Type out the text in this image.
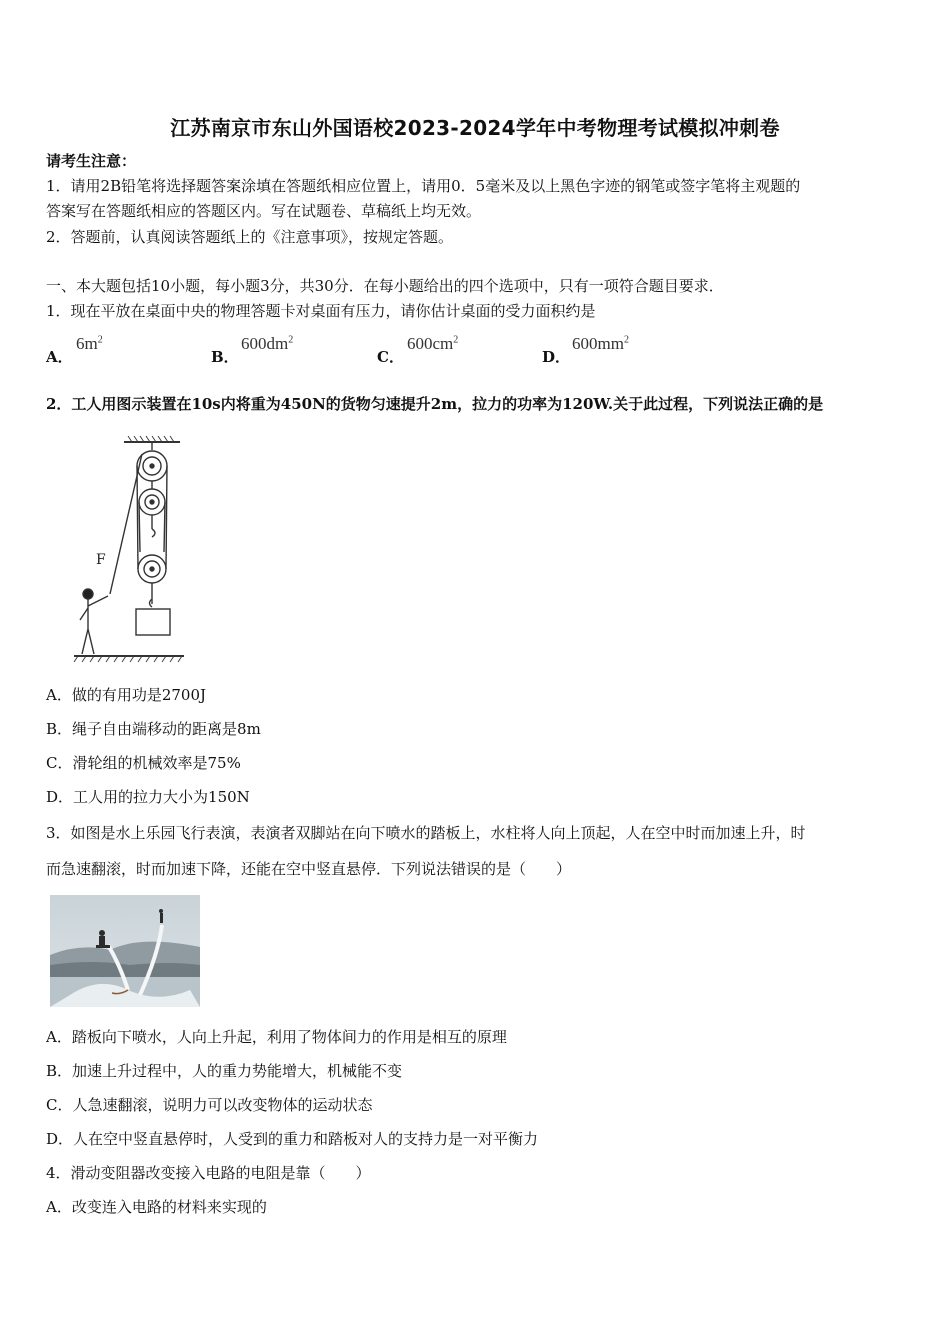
江苏南京市东山外国语校2023-2024学年中考物理考试模拟冲刺卷
请考生注意：
1．请用2B铅笔将选择题答案涂填在答题纸相应位置上，请用0．5毫米及以上黑色字迹的钢笔或签字笔将主观题的
答案写在答题纸相应的答题区内。写在试题卷、草稿纸上均无效。
2．答题前，认真阅读答题纸上的《注意事项》，按规定答题。
一、本大题包括10小题，每小题3分，共30分．在每小题给出的四个选项中，只有一项符合题目要求．
1．现在平放在桌面中央的物理答题卡对桌面有压力，请你估计桌面的受力面积约是
A．
$6m^2$
B．
$600dm^2$
C．
$600cm^2$
D．
$600mm^2$
2．工人用图示装置在10s内将重为450N的货物匀速提升2m，拉力的功率为120W.关于此过程，下列说法正确的是
F
A．做的有用功是2700J
B．绳子自由端移动的距离是8m
C．滑轮组的机械效率是75%
D．工人用的拉力大小为150N
3．如图是水上乐园飞行表演，表演者双脚站在向下喷水的踏板上，水柱将人向上顶起，人在空中时而加速上升，时
而急速翻滚，时而加速下降，还能在空中竖直悬停．下列说法错误的是（　　）
A．踏板向下喷水，人向上升起，利用了物体间力的作用是相互的原理
B．加速上升过程中，人的重力势能增大，机械能不变
C．人急速翻滚，说明力可以改变物体的运动状态
D．人在空中竖直悬停时，人受到的重力和踏板对人的支持力是一对平衡力
4．滑动变阻器改变接入电路的电阻是靠（　　）
A．改变连入电路的材料来实现的
